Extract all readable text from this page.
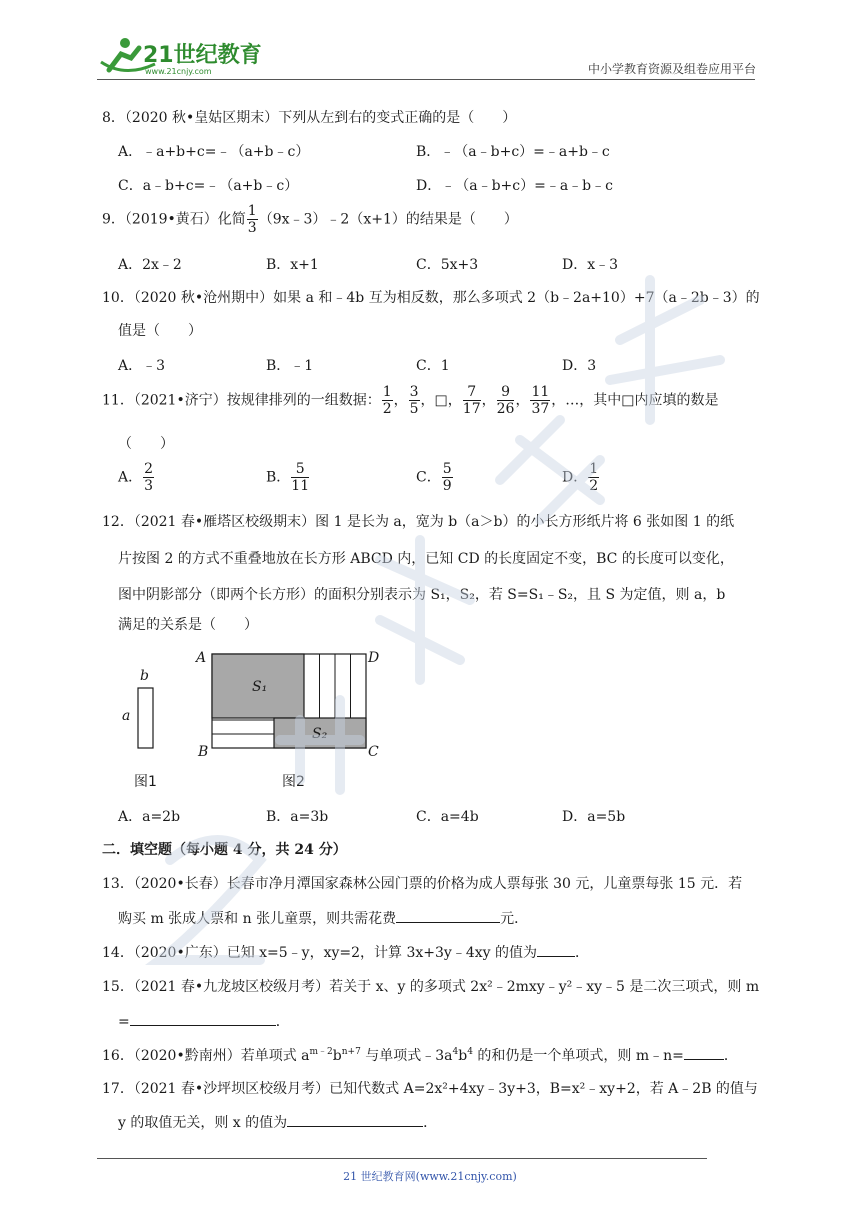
21世纪教育
www.21cnjy.com	中小学教育资源及组卷应用平台
8．（2020 秋•皇姑区期末）下列从左到右的变式正确的是（　　）
A．﹣a+b+c=﹣（a+b﹣c）	B．﹣（a﹣b+c）=﹣a+b﹣c
C．a﹣b+c=﹣（a+b﹣c）	D．﹣（a﹣b+c）=﹣a﹣b﹣c
9．（2019•黄石）化简 $\frac{1}{3}$ （9x﹣3）﹣2（x+1）的结果是（　　）
A．2x﹣2	B．x+1	C．5x+3	D．x﹣3
10．（2020 秋•沧州期中）如果 a 和﹣4b 互为相反数，那么多项式 2（b﹣2a+10）+7（a﹣2b﹣3）的
值是（　　）
A．﹣3	B．﹣1	C．1	D．3
11．（2021•济宁）按规律排列的一组数据： $\frac{1}{2}$ ， $\frac{3}{5}$ ，□， $\frac{7}{17}$ ， $\frac{9}{26}$ ， $\frac{11}{37}$ ，…，其中□内应填的数是
（　　）
A． $\frac{2}{3}$	B． $\frac{5}{11}$	C． $\frac{5}{9}$	D． $\frac{1}{2}$
12．（2021 春•雁塔区校级期末）图 1 是长为 a，宽为 b（a＞b）的小长方形纸片将 6 张如图 1 的纸
片按图 2 的方式不重叠地放在长方形 ABCD 内，已知 CD 的长度固定不变，BC 的长度可以变化，
图中阴影部分（即两个长方形）的面积分别表示为 S₁，S₂，若 S=S₁﹣S₂，且 S 为定值，则 a，b
满足的关系是（　　）
b
a
A	D
B	C
S₁
S₂
图1	图2
A．a=2b	B．a=3b	C．a=4b	D．a=5b
二．填空题（每小题 4 分，共 24 分）
13．（2020•长春）长春市净月潭国家森林公园门票的价格为成人票每张 30 元，儿童票每张 15 元．若
购买 m 张成人票和 n 张儿童票，则共需花费	元．
14．（2020•广东）已知 x=5﹣y，xy=2，计算 3x+3y﹣4xy 的值为	．
15．（2021 春•九龙坡区校级月考）若关于 x、y 的多项式 2x²﹣2mxy﹣y²﹣xy﹣5 是二次三项式，则 m
=	．
16．（2020•黔南州）若单项式 $a^{m﹣2}b^{n+7}$ 与单项式$﹣3a^4b^4$ 的和仍是一个单项式，则 m﹣n=	．
17．（2021 春•沙坪坝区校级月考）已知代数式 A=2x²+4xy﹣3y+3，B=x²﹣xy+2，若 A﹣2B 的值与
y 的取值无关，则 x 的值为	．
21 世纪教育网(www.21cnjy.com)
